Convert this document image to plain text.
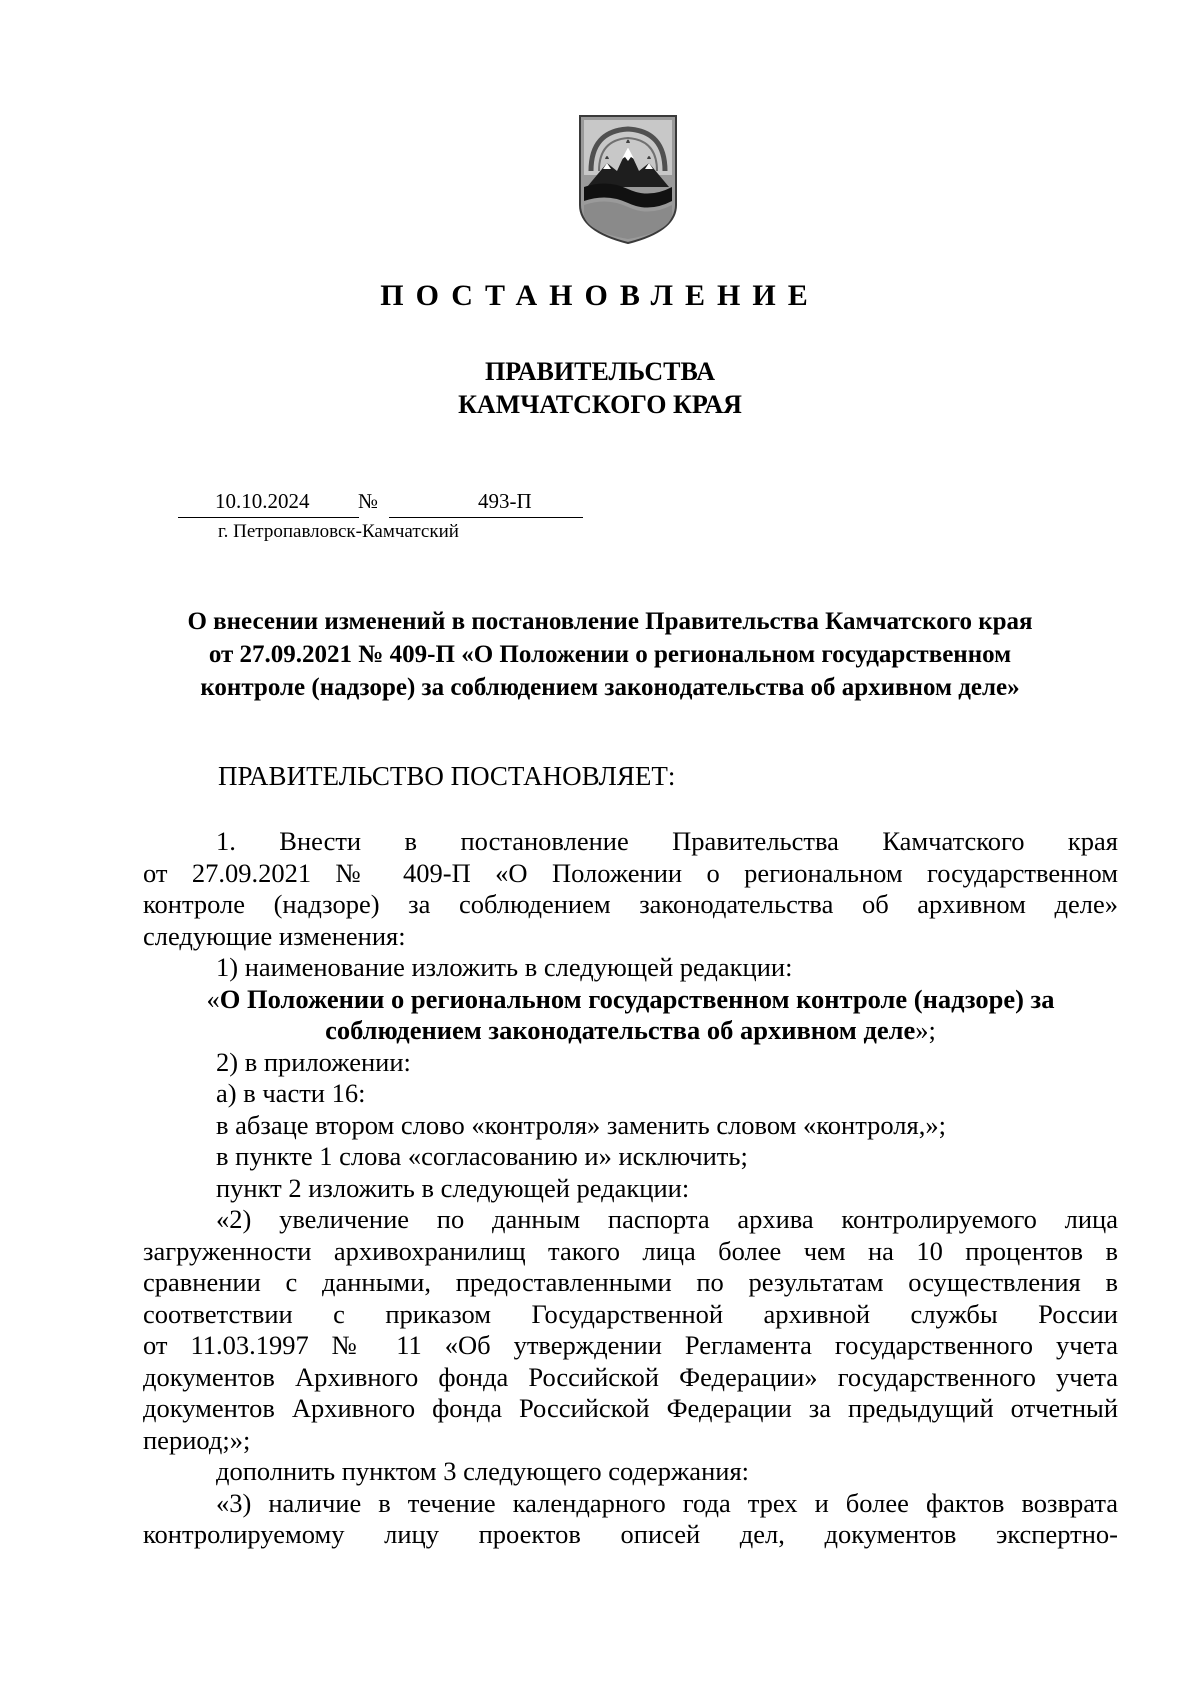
ПОСТАНОВЛЕНИЕ
ПРАВИТЕЛЬСТВА
КАМЧАТСКОГО КРАЯ
10.10.2024 №	493-П
г. Петропавловск-Камчатский
О внесении изменений в постановление Правительства Камчатского края
от 27.09.2021 № 409-П «О Положении о региональном государственном
контроле (надзоре) за соблюдением законодательства об архивном деле»
ПРАВИТЕЛЬСТВО ПОСТАНОВЛЯЕТ:
1. Внести в постановление Правительства Камчатского края
от 27.09.2021 № 409-П «О Положении о региональном государственном
контроле (надзоре) за соблюдением законодательства об архивном деле»
следующие изменения:
1) наименование изложить в следующей редакции:
«О Положении о региональном государственном контроле (надзоре) за
соблюдением законодательства об архивном деле»;
2) в приложении:
а) в части 16:
в абзаце втором слово «контроля» заменить словом «контроля,»;
в пункте 1 слова «согласованию и» исключить;
пункт 2 изложить в следующей редакции:
«2) увеличение по данным паспорта архива контролируемого лица
загруженности архивохранилищ такого лица более чем на 10 процентов в
сравнении с данными, предоставленными по результатам осуществления в
соответствии с приказом Государственной архивной службы России
от 11.03.1997 № 11 «Об утверждении Регламента государственного учета
документов Архивного фонда Российской Федерации» государственного учета
документов Архивного фонда Российской Федерации за предыдущий отчетный
период;»;
дополнить пунктом 3 следующего содержания:
«3) наличие в течение календарного года трех и более фактов возврата
контролируемому лицу проектов описей дел, документов экспертно-
